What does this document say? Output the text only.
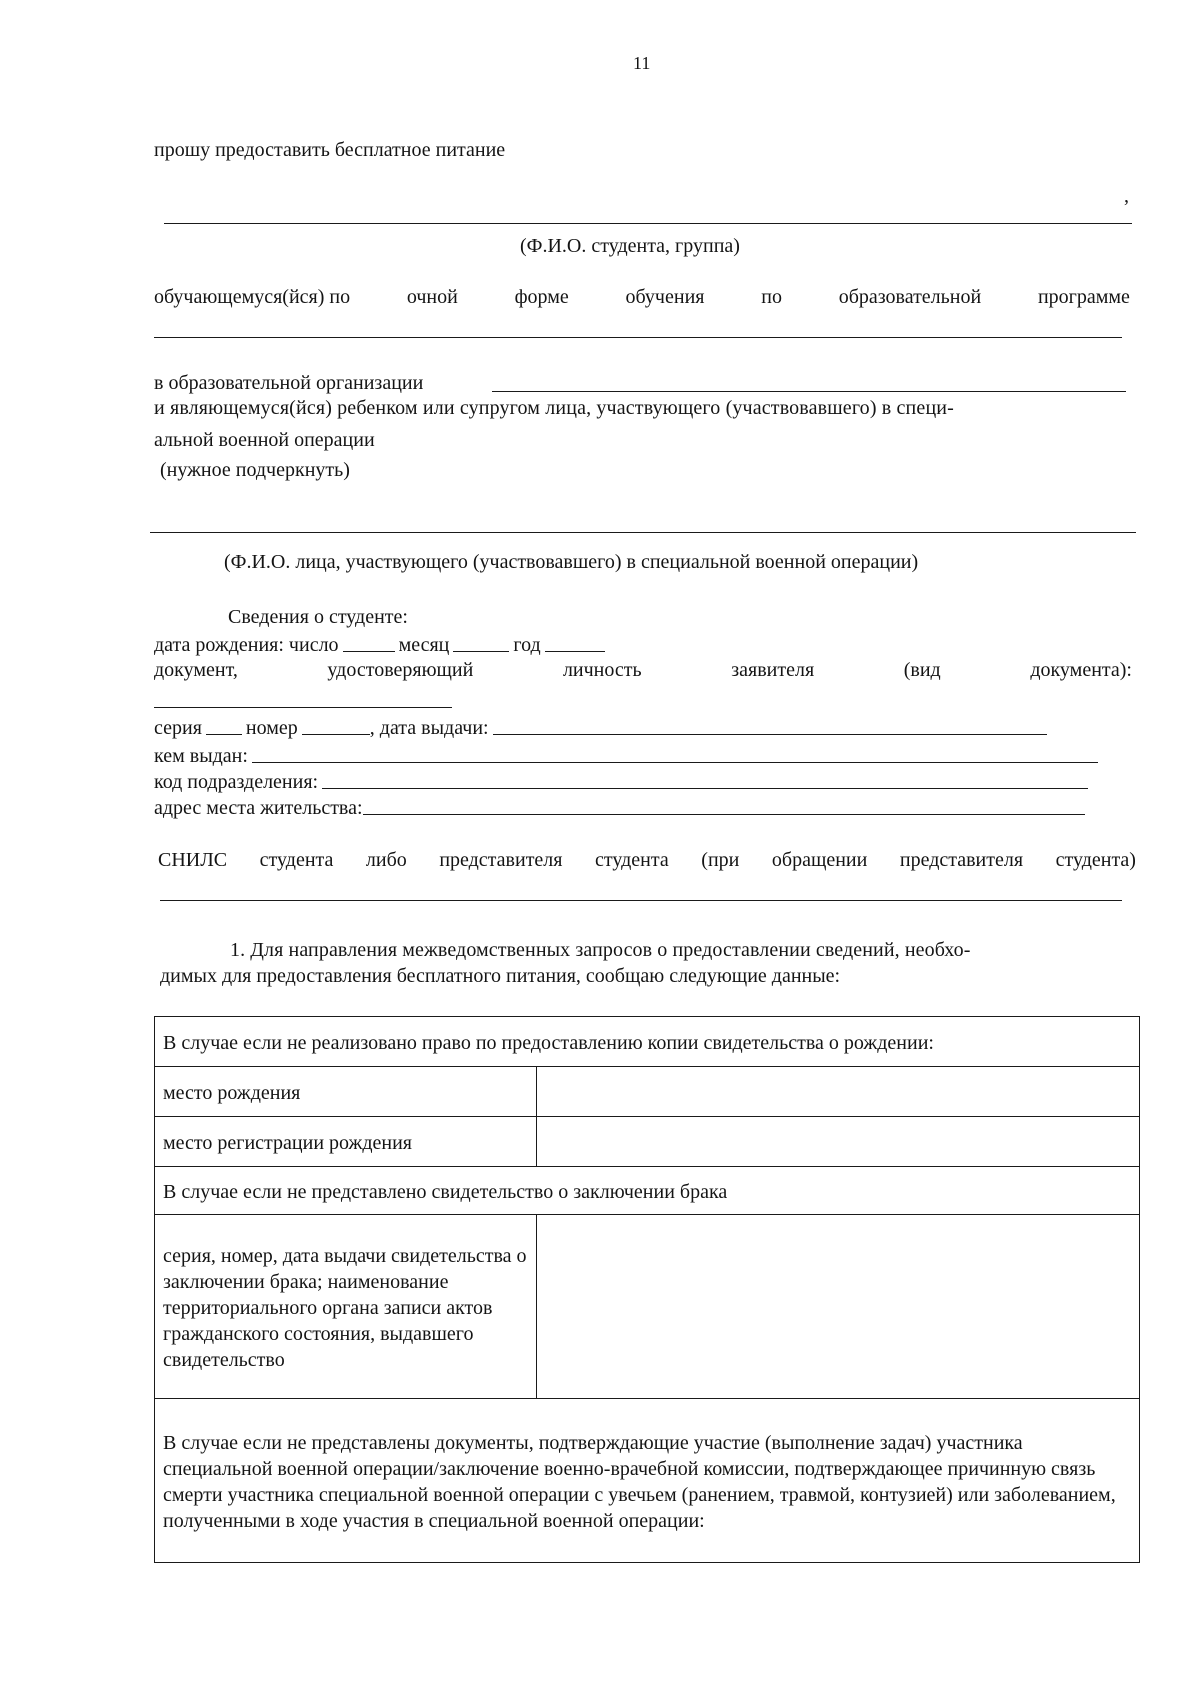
11
прошу предоставить бесплатное питание
,
(Ф.И.О. студента, группа)
обучающемуся(йся) по	очной	форме	обучения	по	образовательной	программе
в образовательной организации
и являющемуся(йся) ребенком или супругом лица, участвующего (участвовавшего) в специ-
альной военной операции
(нужное подчеркнуть)
(Ф.И.О. лица, участвующего (участвовавшего) в специальной военной операции)
Сведения о студенте:
дата рождения: число	месяц	год
документ,	удостоверяющий	личность	заявителя	(вид	документа):
серия номер	, дата выдачи:
кем выдан:
код подразделения:
адрес места жительства:
СНИЛС студента либо представителя студента (при обращении представителя студента)
1. Для направления межведомственных запросов о предоставлении сведений, необхо-
димых для предоставления бесплатного питания, сообщаю следующие данные:
В случае если не реализовано право по предоставлению копии свидетельства о рождении:	
место рождения	
место регистрации рождения	
В случае если не представлено свидетельство о заключении брака	
серия, номер, дата выдачи свидетельства о заключении брака; наименование территориального органа записи актов гражданского состояния, выдавшего свидетельство	
В случае если не представлены документы, подтверждающие участие (выполнение задач) участника специальной военной операции/заключение военно-врачебной комиссии, подтверждающее причинную связь смерти участника специальной военной операции с увечьем (ранением, травмой, контузией) или заболеванием, полученными в ходе участия в специальной военной операции:	
